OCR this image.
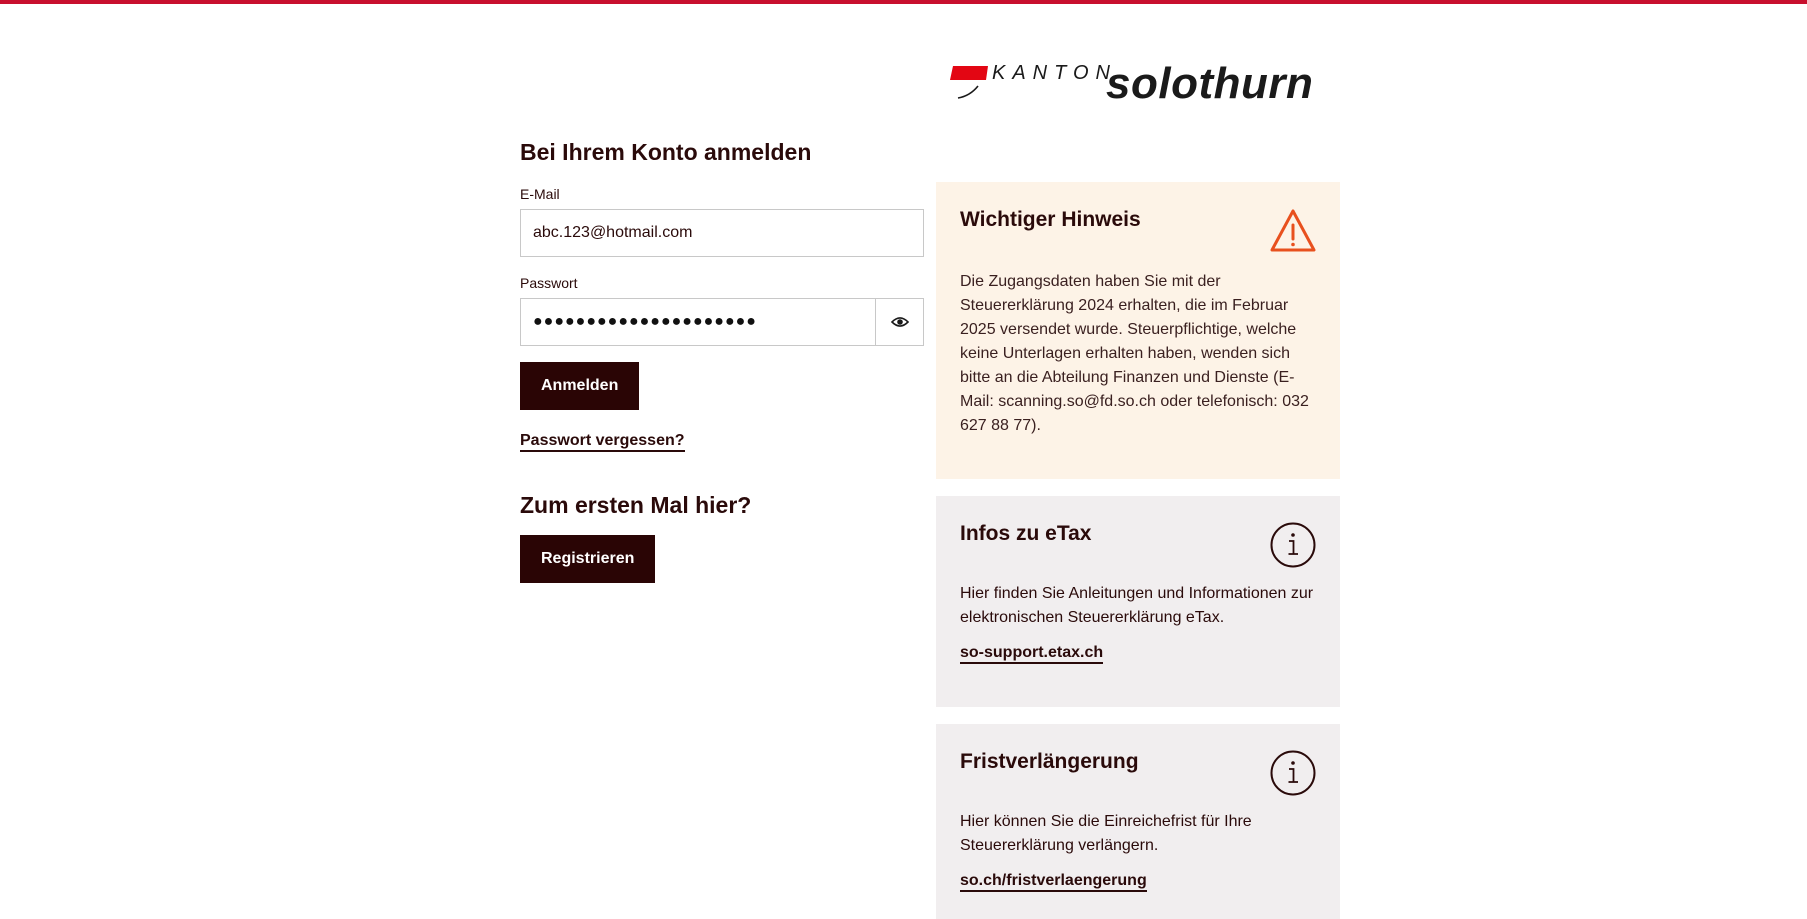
KANTON
solothurn
Bei Ihrem Konto anmelden
E-Mail
abc.123@hotmail.com
Passwort
●●●●●●●●●●●●●●●●●●●●●
Anmelden
Passwort vergessen?
Zum ersten Mal hier?
Registrieren
Wichtiger Hinweis
Die Zugangsdaten haben Sie mit der Steuererklärung 2024 erhalten, die im Februar 2025 versendet wurde. Steuerpflichtige, welche keine Unterlagen erhalten haben, wenden sich bitte an die Abteilung Finanzen und Dienste (E-Mail: scanning.so@fd.so.ch oder telefonisch: 032 627 88 77).
Infos zu eTax
Hier finden Sie Anleitungen und Informationen zur elektronischen Steuererklärung eTax.
so-support.etax.ch
Fristverlängerung
Hier können Sie die Einreichefrist für Ihre Steuererklärung verlängern.
so.ch/fristverlaengerung
